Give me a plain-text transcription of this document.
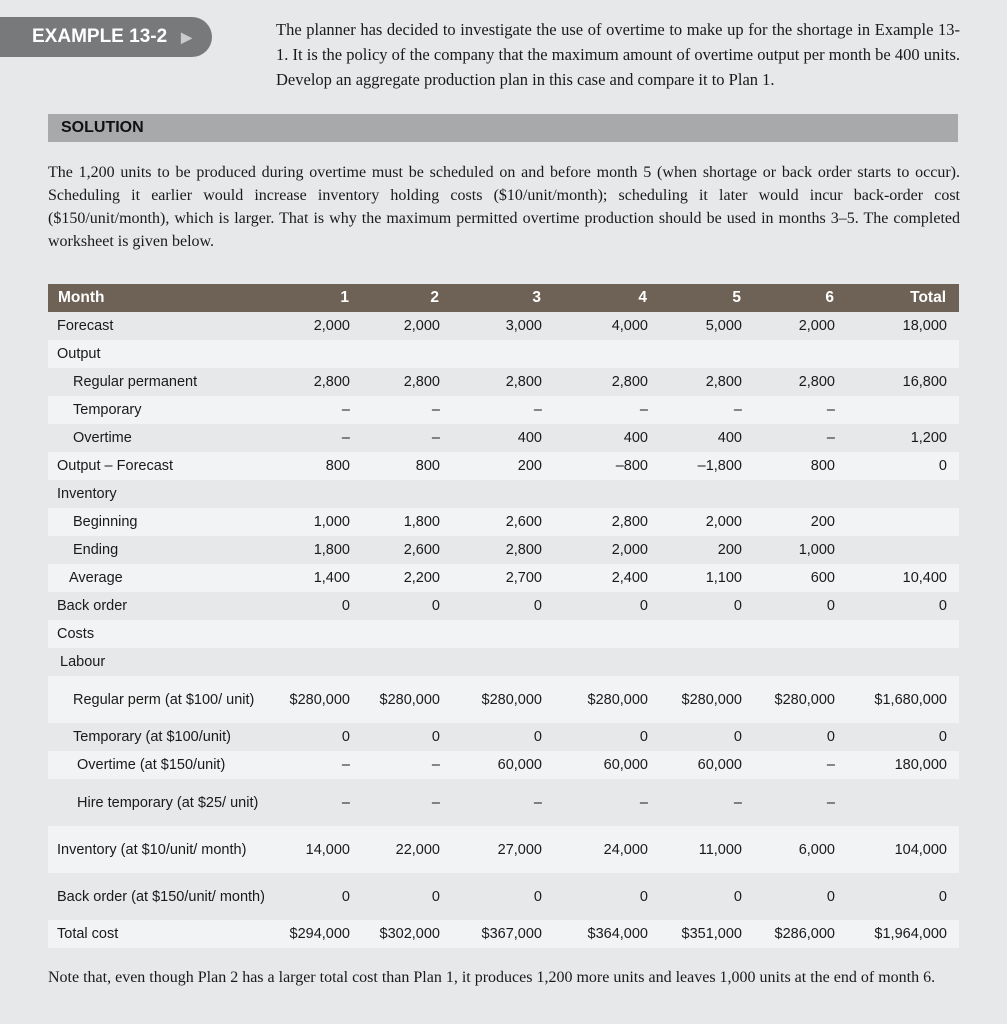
EXAMPLE 13-2 ▶	The planner has decided to investigate the use of overtime to make up for the shortage in Example 13-1. It is the policy of the company that the maximum amount of overtime output per month be 400 units. Develop an aggregate production plan in this case and compare it to Plan 1.
SOLUTION
The 1,200 units to be produced during overtime must be scheduled on and before month 5 (when shortage or back order starts to occur). Scheduling it earlier would increase inventory holding costs ($10/unit/month); scheduling it later would incur back-order cost ($150/unit/month), which is larger. That is why the maximum permitted overtime production should be used in months 3–5. The completed worksheet is given below.
Month	1	2	3	4	5	6	Total
Forecast	2,000	2,000	3,000	4,000	5,000	2,000	18,000
Output							
Regular permanent	2,800	2,800	2,800	2,800	2,800	2,800	16,800
Temporary	–	–	–	–	–	–	
Overtime	–	–	400	400	400	–	1,200
Output – Forecast	800	800	200	–800	–1,800	800	0
Inventory							
Beginning	1,000	1,800	2,600	2,800	2,000	200	
Ending	1,800	2,600	2,800	2,000	200	1,000	
Average	1,400	2,200	2,700	2,400	1,100	600	10,400
Back order	0	0	0	0	0	0	0
Costs							
Labour							
Regular perm (at $100/ unit)	$280,000	$280,000	$280,000	$280,000	$280,000	$280,000	$1,680,000
Temporary (at $100/unit)	0	0	0	0	0	0	0
Overtime (at $150/unit)	–	–	60,000	60,000	60,000	–	180,000
Hire temporary (at $25/ unit)	–	–	–	–	–	–	
Inventory (at $10/unit/ month)	14,000	22,000	27,000	24,000	11,000	6,000	104,000
Back order (at $150/unit/ month)	0	0	0	0	0	0	0
Total cost	$294,000	$302,000	$367,000	$364,000	$351,000	$286,000	$1,964,000
Note that, even though Plan 2 has a larger total cost than Plan 1, it produces 1,200 more units and leaves 1,000 units at the end of month 6.
